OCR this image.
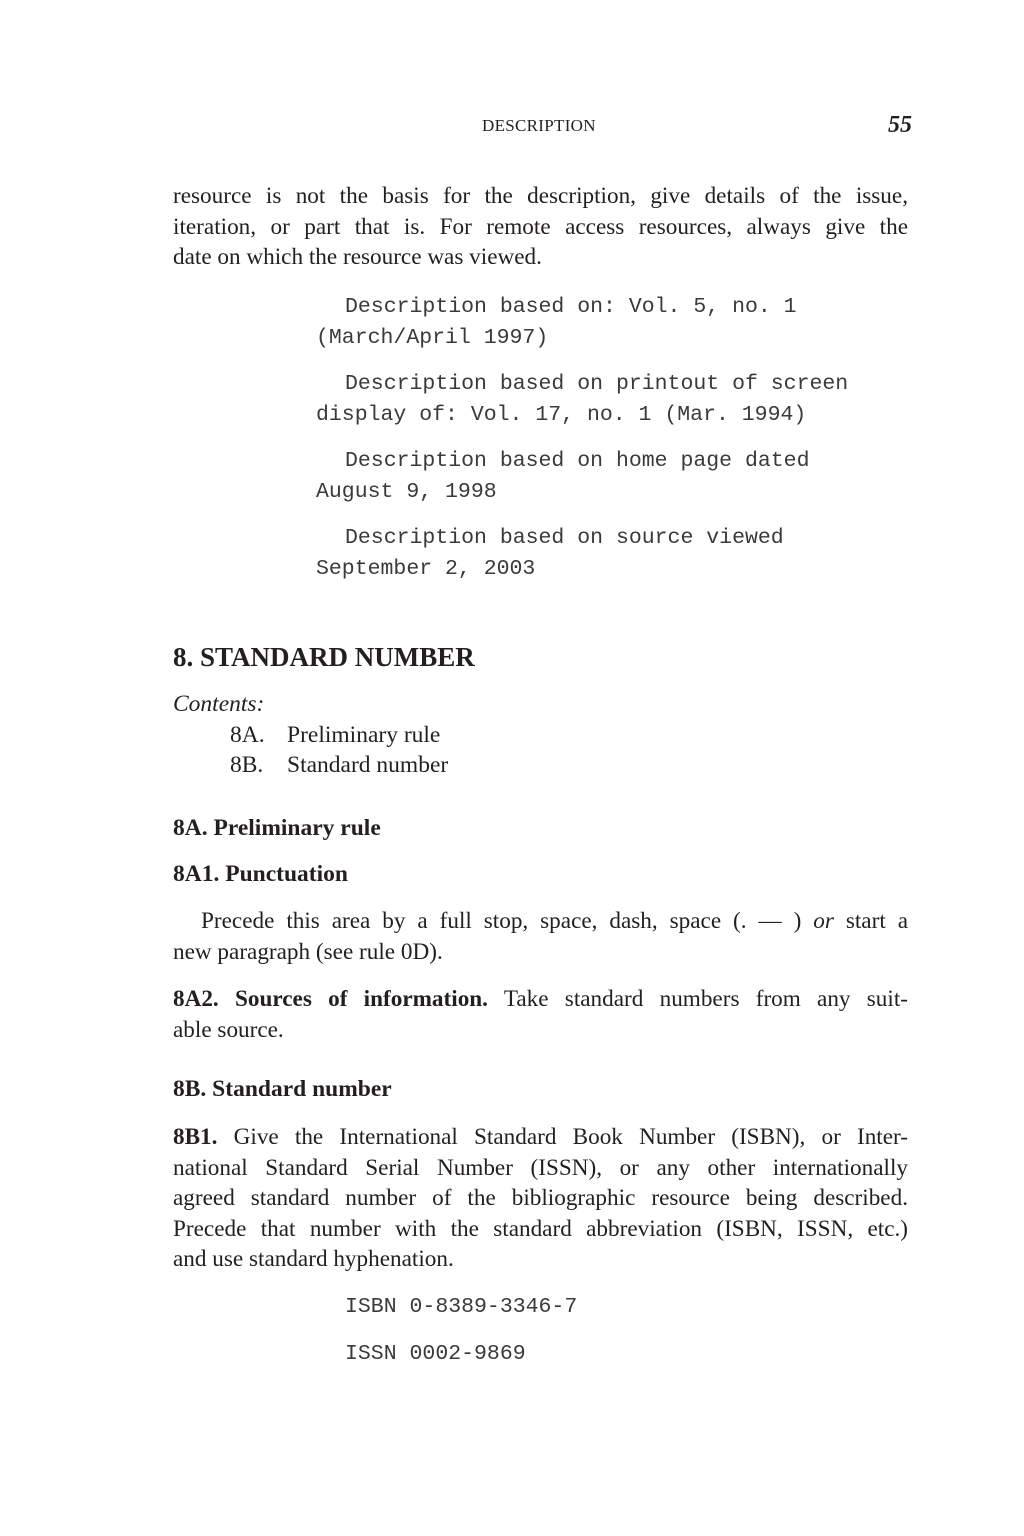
DESCRIPTION	55
resource is not the basis for the description, give details of the issue,
iteration, or part that is. For remote access resources, always give the
date on which the resource was viewed.
Description based on: Vol. 5, no. 1
(March/April 1997)
Description based on printout of screen
display of: Vol. 17, no. 1 (Mar. 1994)
Description based on home page dated
August 9, 1998
Description based on source viewed
September 2, 2003
8. STANDARD NUMBER
Contents:
8A. Preliminary rule
8B. Standard number
8A. Preliminary rule
8A1. Punctuation
Precede this area by a full stop, space, dash, space (. — ) or start a
new paragraph (see rule 0D).
8A2. Sources of information. Take standard numbers from any suit-
able source.
8B. Standard number
8B1. Give the International Standard Book Number (ISBN), or Inter-
national Standard Serial Number (ISSN), or any other internationally
agreed standard number of the bibliographic resource being described.
Precede that number with the standard abbreviation (ISBN, ISSN, etc.)
and use standard hyphenation.
ISBN 0-8389-3346-7
ISSN 0002-9869
